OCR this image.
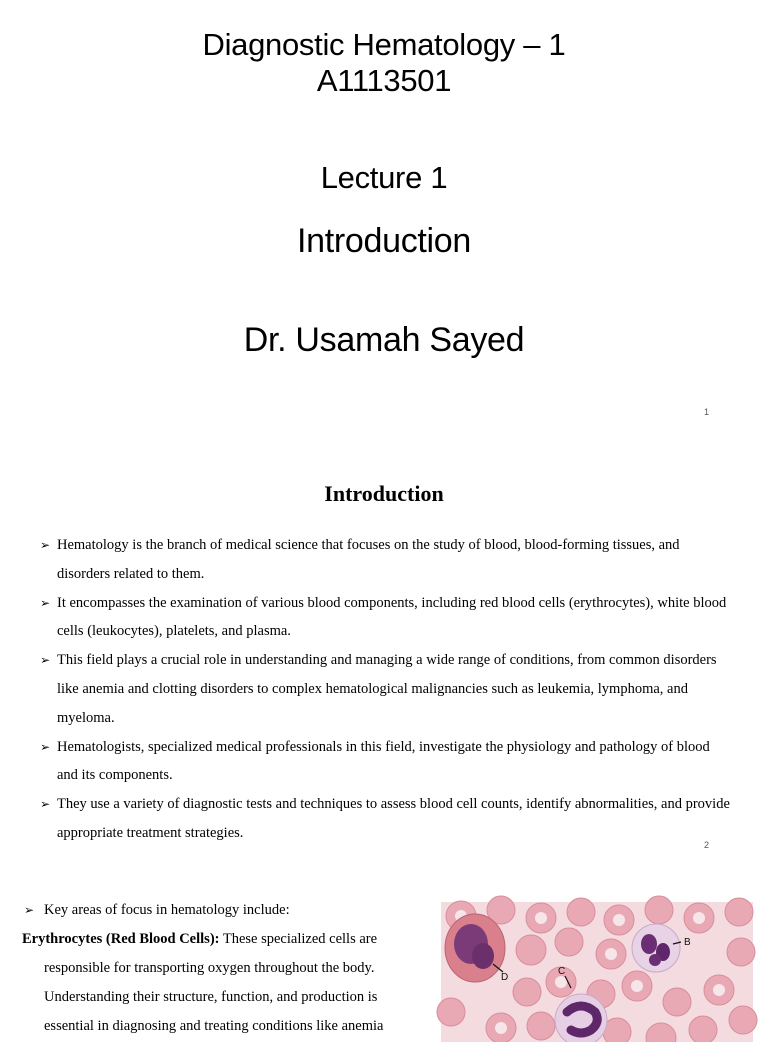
Diagnostic Hematology – 1
A1113501
Lecture 1
Introduction
Dr. Usamah Sayed
1
Introduction
➢ Hematology is the branch of medical science that focuses on the study of blood, blood-forming tissues, and disorders related to them.
➢ It encompasses the examination of various blood components, including red blood cells (erythrocytes), white blood cells (leukocytes), platelets, and plasma.
➢ This field plays a crucial role in understanding and managing a wide range of conditions, from common disorders like anemia and clotting disorders to complex hematological malignancies such as leukemia, lymphoma, and myeloma.
➢ Hematologists, specialized medical professionals in this field, investigate the physiology and pathology of blood and its components.
➢ They use a variety of diagnostic tests and techniques to assess blood cell counts, identify abnormalities, and provide appropriate treatment strategies.
2
➢ Key areas of focus in hematology include:
Erythrocytes (Red Blood Cells): These specialized cells are
responsible for transporting oxygen throughout the body.
Understanding their structure, function, and production is
essential in diagnosing and treating conditions like anemia
B
D
C
